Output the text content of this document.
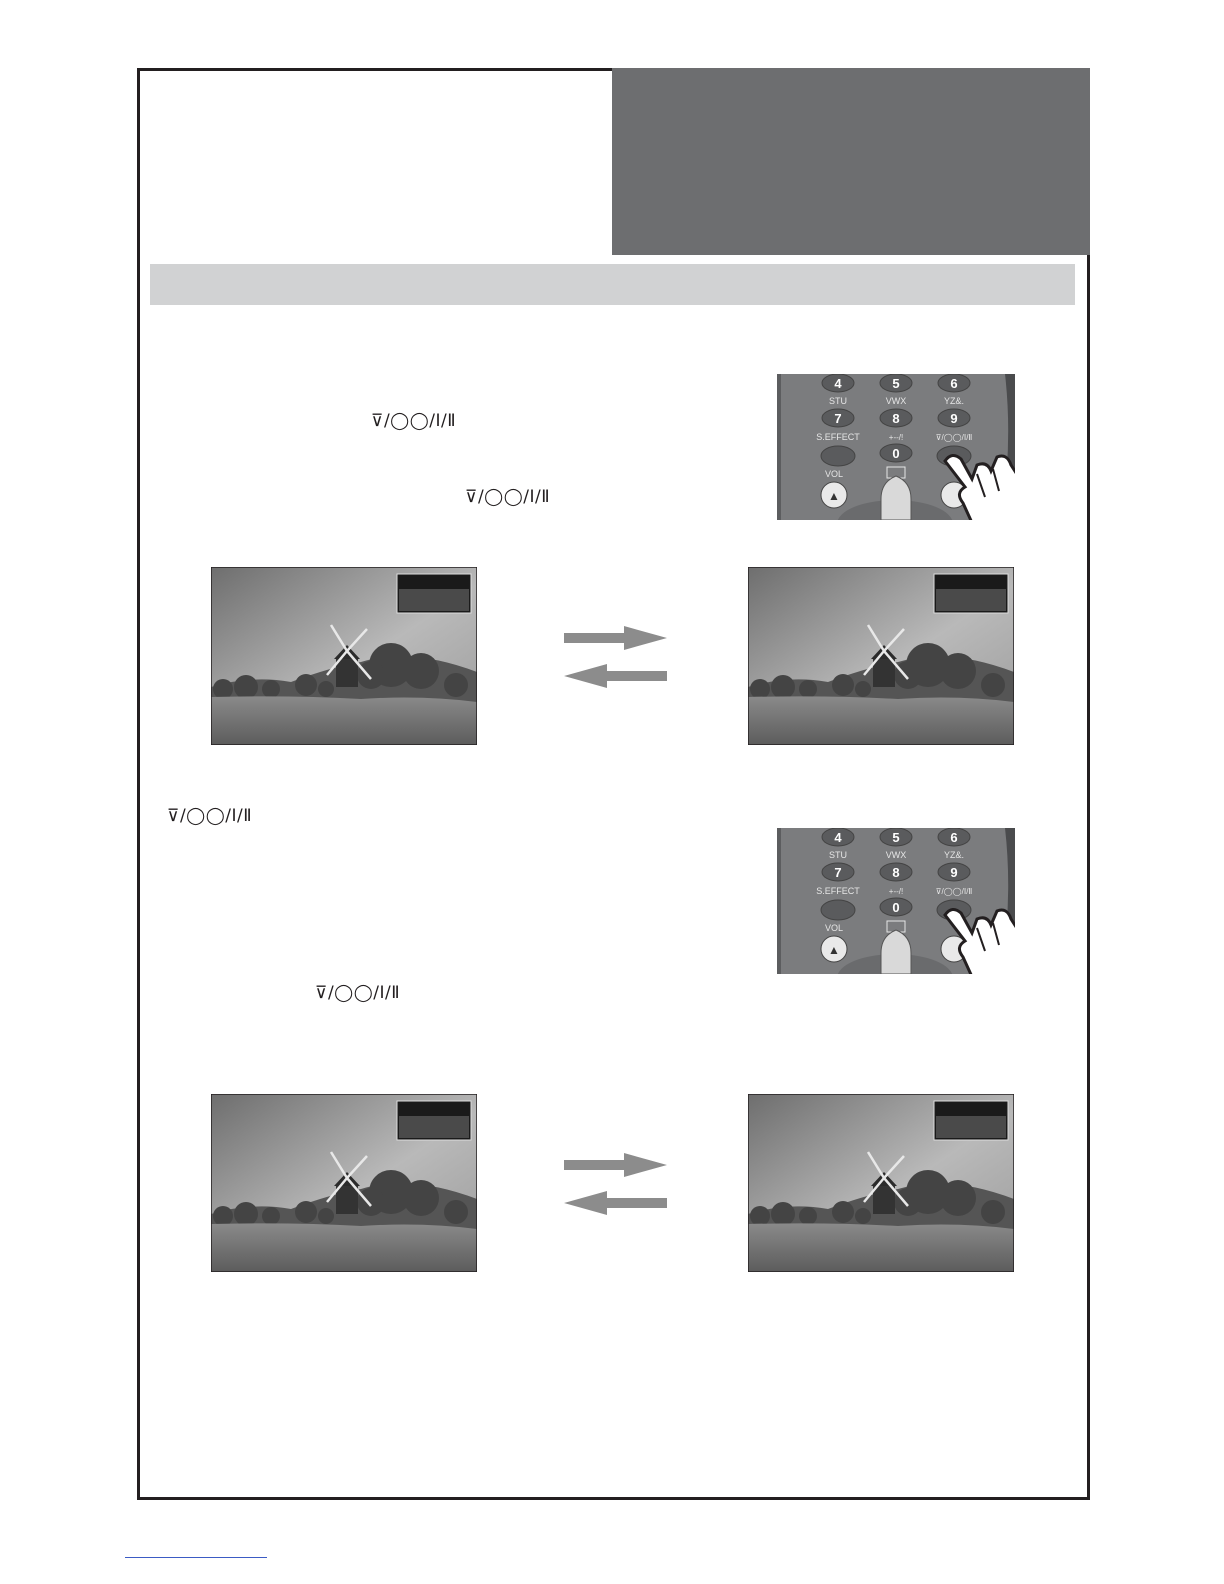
⊽/◯◯/Ⅰ/Ⅱ
⊽/◯◯/Ⅰ/Ⅱ
⊽/◯◯/Ⅰ/Ⅱ
⊽/◯◯/Ⅰ/Ⅱ
4
STU
5
VWX
6
YZ&.
7
S.EFFECT
8
+--/!
9
⊽/◯◯/Ⅰ/Ⅱ
0
VOL
▲
4
STU
5
VWX
6
YZ&.
7
S.EFFECT
8
+--/!
9
⊽/◯◯/Ⅰ/Ⅱ
0
VOL
▲
